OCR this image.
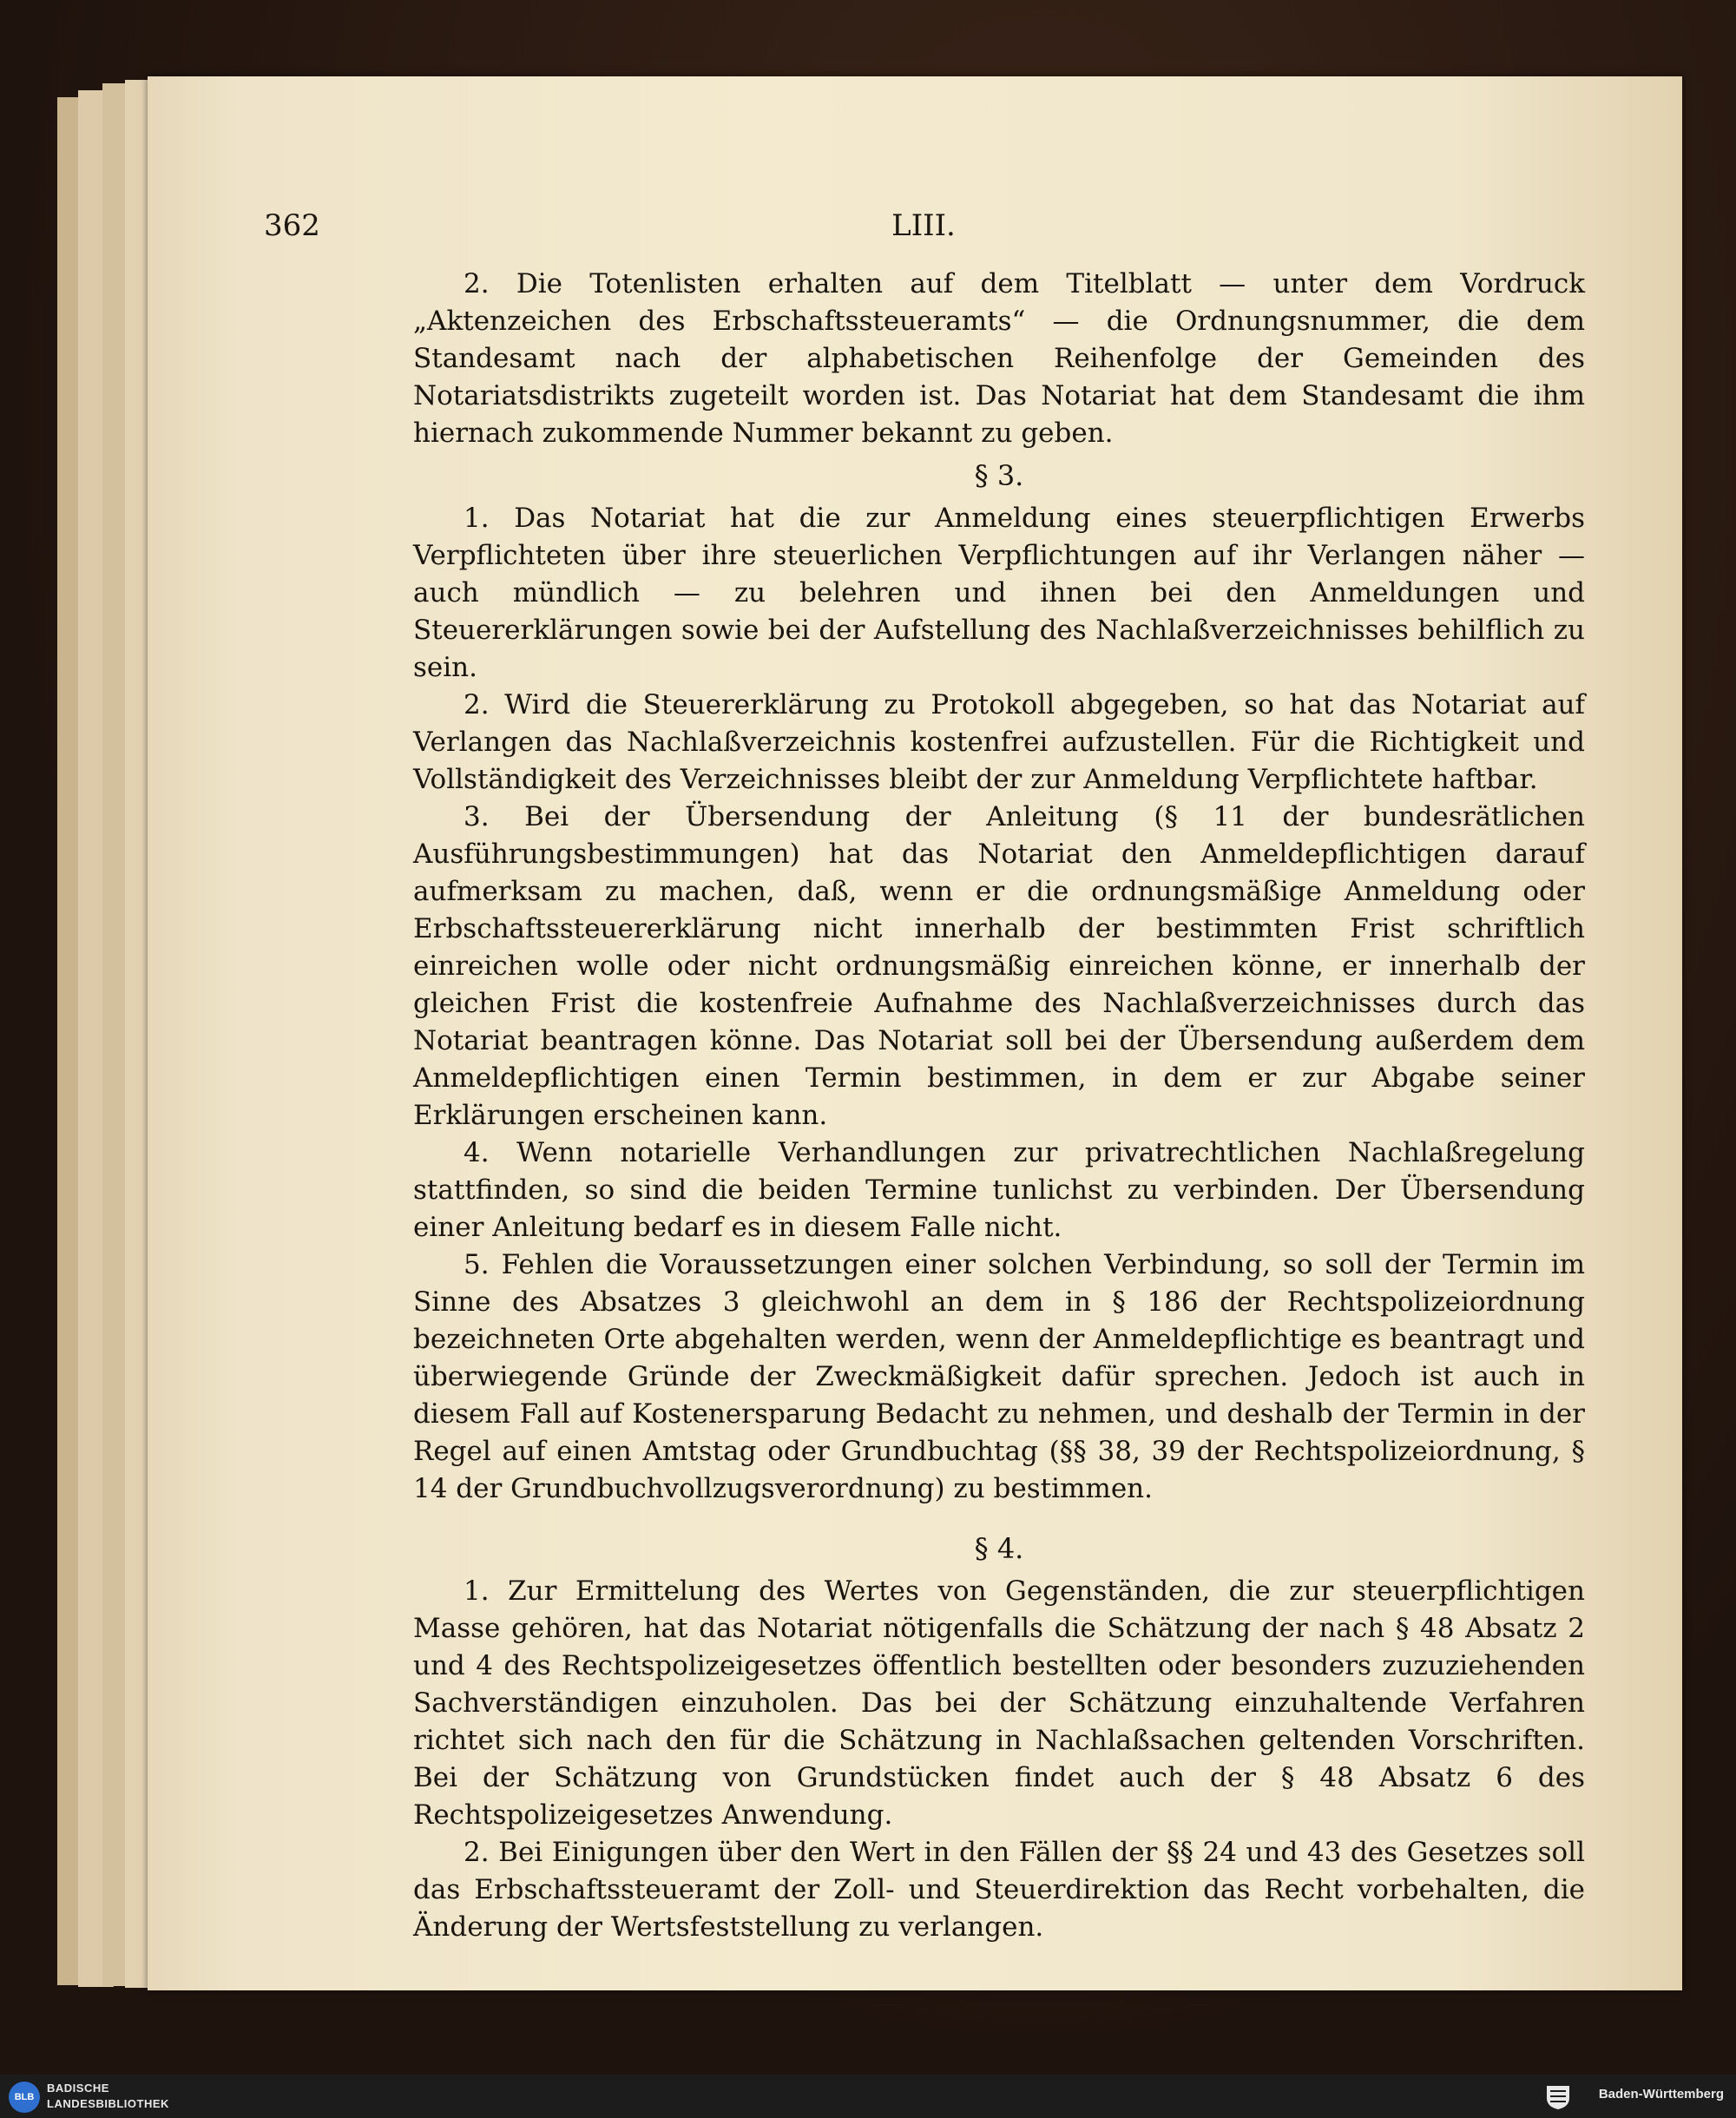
362	LIII.

2. Die Totenlisten erhalten auf dem Titelblatt — unter dem Vordruck „Aktenzeichen des Erbschaftssteueramts“ — die Ordnungsnummer, die dem Standesamt nach der alphabetischen Reihenfolge der Gemeinden des Notariatsdistrikts zugeteilt worden ist. Das Notariat hat dem Standesamt die ihm hiernach zukommende Nummer bekannt zu geben.

§ 3.

1. Das Notariat hat die zur Anmeldung eines steuerpflichtigen Erwerbs Verpflichteten über ihre steuerlichen Verpflichtungen auf ihr Verlangen näher — auch mündlich — zu belehren und ihnen bei den Anmeldungen und Steuererklärungen sowie bei der Aufstellung des Nachlaßverzeichnisses behilflich zu sein.

2. Wird die Steuererklärung zu Protokoll abgegeben, so hat das Notariat auf Verlangen das Nachlaßverzeichnis kostenfrei aufzustellen. Für die Richtigkeit und Vollständigkeit des Verzeichnisses bleibt der zur Anmeldung Verpflichtete haftbar.

3. Bei der Übersendung der Anleitung (§ 11 der bundesrätlichen Ausführungsbestimmungen) hat das Notariat den Anmeldepflichtigen darauf aufmerksam zu machen, daß, wenn er die ordnungsmäßige Anmeldung oder Erbschaftssteuererklärung nicht innerhalb der bestimmten Frist schriftlich einreichen wolle oder nicht ordnungsmäßig einreichen könne, er innerhalb der gleichen Frist die kostenfreie Aufnahme des Nachlaßverzeichnisses durch das Notariat beantragen könne. Das Notariat soll bei der Übersendung außerdem dem Anmeldepflichtigen einen Termin bestimmen, in dem er zur Abgabe seiner Erklärungen erscheinen kann.

4. Wenn notarielle Verhandlungen zur privatrechtlichen Nachlaßregelung stattfinden, so sind die beiden Termine tunlichst zu verbinden. Der Übersendung einer Anleitung bedarf es in diesem Falle nicht.

5. Fehlen die Voraussetzungen einer solchen Verbindung, so soll der Termin im Sinne des Absatzes 3 gleichwohl an dem in § 186 der Rechtspolizeiordnung bezeichneten Orte abgehalten werden, wenn der Anmeldepflichtige es beantragt und überwiegende Gründe der Zweckmäßigkeit dafür sprechen. Jedoch ist auch in diesem Fall auf Kostenersparung Bedacht zu nehmen, und deshalb der Termin in der Regel auf einen Amtstag oder Grundbuchtag (§§ 38, 39 der Rechtspolizeiordnung, § 14 der Grundbuchvollzugsverordnung) zu bestimmen.

§ 4.

1. Zur Ermittelung des Wertes von Gegenständen, die zur steuerpflichtigen Masse gehören, hat das Notariat nötigenfalls die Schätzung der nach § 48 Absatz 2 und 4 des Rechtspolizeigesetzes öffentlich bestellten oder besonders zuzuziehenden Sachverständigen einzuholen. Das bei der Schätzung einzuhaltende Verfahren richtet sich nach den für die Schätzung in Nachlaßsachen geltenden Vorschriften. Bei der Schätzung von Grundstücken findet auch der § 48 Absatz 6 des Rechtspolizeigesetzes Anwendung.

2. Bei Einigungen über den Wert in den Fällen der §§ 24 und 43 des Gesetzes soll das Erbschaftssteueramt der Zoll- und Steuerdirektion das Recht vorbehalten, die Änderung der Wertsfeststellung zu verlangen.

BLB
BADISCHE
LANDESBIBLIOTHEK
Baden-Württemberg
